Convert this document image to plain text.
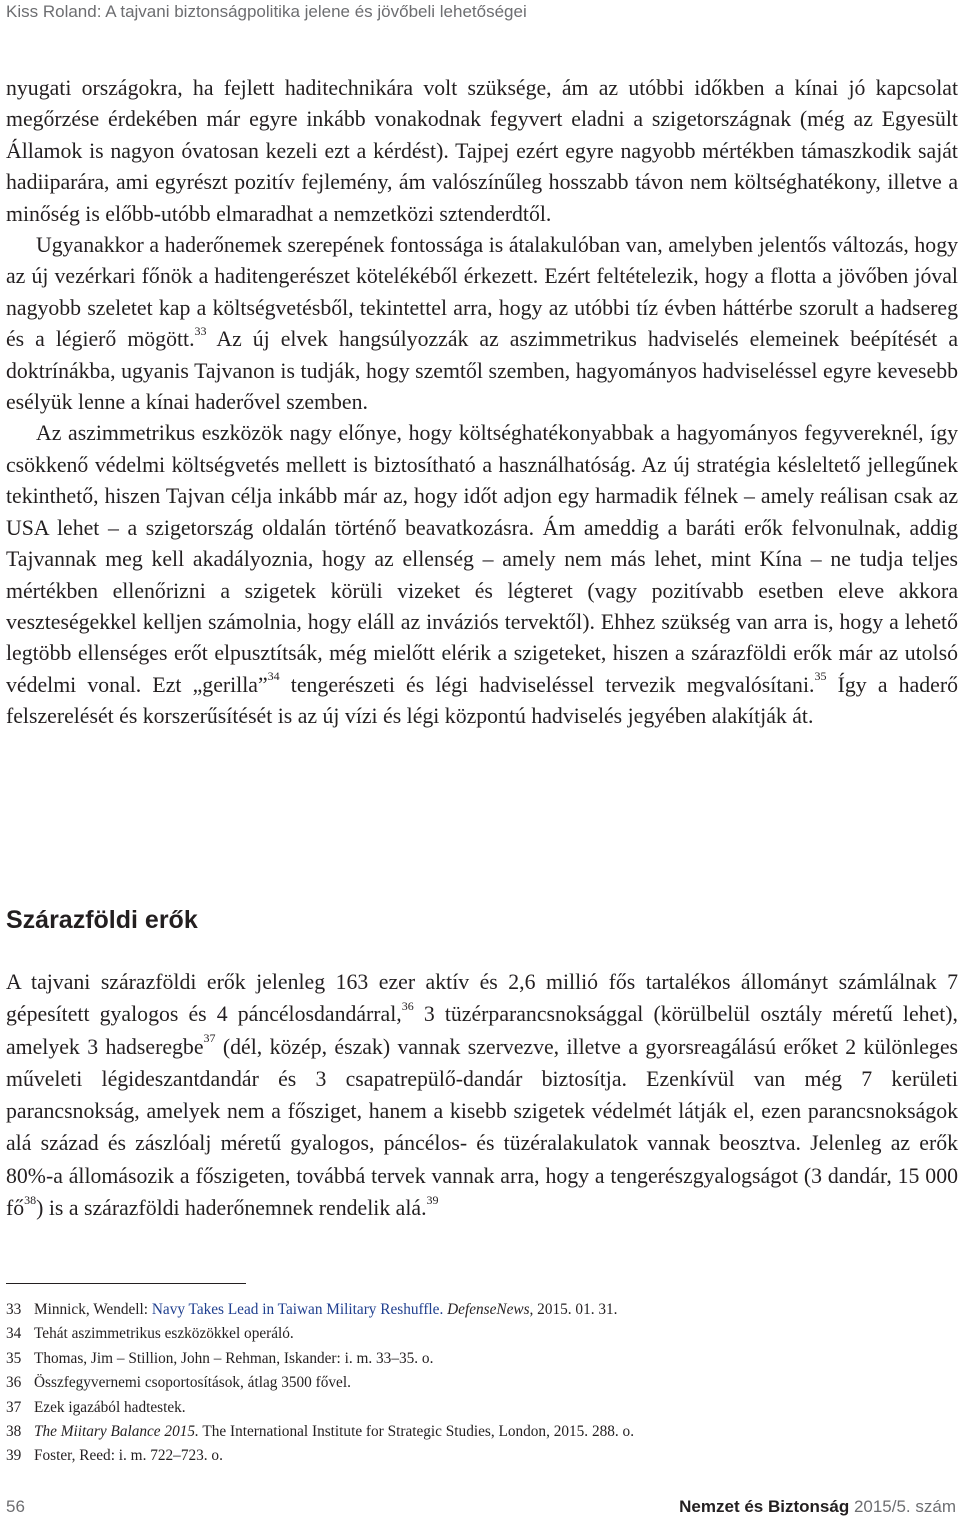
Kiss Roland: A tajvani biztonságpolitika jelene és jövőbeli lehetőségei

nyugati országokra, ha fejlett haditechnikára volt szüksége, ám az utóbbi időkben a kínai jó kapcsolat megőrzése érdekében már egyre inkább vonakodnak fegyvert eladni a szigetországnak (még az Egyesült Államok is nagyon óvatosan kezeli ezt a kérdést). Tajpej ezért egyre nagyobb mértékben támaszkodik saját hadiiparára, ami egyrészt pozitív fejlemény, ám valószínűleg hosszabb távon nem költséghatékony, illetve a minőség is előbb-utóbb elmaradhat a nemzetközi sztenderdtől.

Ugyanakkor a haderőnemek szerepének fontossága is átalakulóban van, amelyben jelentős változás, hogy az új vezérkari főnök a haditengerészet kötelékéből érkezett. Ezért feltételezik, hogy a flotta a jövőben jóval nagyobb szeletet kap a költségvetésből, tekintettel arra, hogy az utóbbi tíz évben háttérbe szorult a hadsereg és a légierő mögött.$^{33}$ Az új elvek hangsúlyozzák az aszimmetrikus hadviselés elemeinek beépítését a doktrínákba, ugyanis Tajvanon is tudják, hogy szemtől szemben, hagyományos hadviseléssel egyre kevesebb esélyük lenne a kínai haderővel szemben.

Az aszimmetrikus eszközök nagy előnye, hogy költséghatékonyabbak a hagyományos fegyvereknél, így csökkenő védelmi költségvetés mellett is biztosítható a használhatóság. Az új stratégia késleltető jellegűnek tekinthető, hiszen Tajvan célja inkább már az, hogy időt adjon egy harmadik félnek – amely reálisan csak az USA lehet – a szigetország oldalán történő beavatkozásra. Ám ameddig a baráti erők felvonulnak, addig Tajvannak meg kell akadályoznia, hogy az ellenség – amely nem más lehet, mint Kína – ne tudja teljes mértékben ellenőrizni a szigetek körüli vizeket és légteret (vagy pozitívabb esetben eleve akkora veszteségekkel kelljen számolnia, hogy eláll az inváziós tervektől). Ehhez szükség van arra is, hogy a lehető legtöbb ellenséges erőt elpusztítsák, még mielőtt elérik a szigeteket, hiszen a szárazföldi erők már az utolsó védelmi vonal. Ezt „gerilla”$^{34}$ tengerészeti és légi hadviseléssel tervezik megvalósítani.$^{35}$ Így a haderő felszerelését és korszerűsítését is az új vízi és légi központú hadviselés jegyében alakítják át.

Szárazföldi erők

A tajvani szárazföldi erők jelenleg 163 ezer aktív és 2,6 millió fős tartalékos állományt számlálnak 7 gépesített gyalogos és 4 páncélosdandárral,$^{36}$ 3 tüzérparancsnoksággal (körülbelül osztály méretű lehet), amelyek 3 hadseregbe$^{37}$ (dél, közép, észak) vannak szervezve, illetve a gyorsreagálású erőket 2 különleges műveleti légideszantdandár és 3 csapatrepülő-dandár biztosítja. Ezenkívül van még 7 kerületi parancsnokság, amelyek nem a fősziget, hanem a kisebb szigetek védelmét látják el, ezen parancsnokságok alá század és zászlóalj méretű gyalogos, páncélos- és tüzéralakulatok vannak beosztva. Jelenleg az erők 80%-a állomásozik a főszigeten, továbbá tervek vannak arra, hogy a tengerészgyalogságot (3 dandár, 15 000 $fő^{38}$) is a szárazföldi haderőnemnek rendelik alá.$^{39}$

33 Minnick, Wendell: Navy Takes Lead in Taiwan Military Reshuffle. DefenseNews, 2015. 01. 31.
34 Tehát aszimmetrikus eszközökkel operáló.
35 Thomas, Jim – Stillion, John – Rehman, Iskander: i. m. 33–35. o.
36 Összfegyvernemi csoportosítások, átlag 3500 fővel.
37 Ezek igazából hadtestek.
38 The Miitary Balance 2015. The International Institute for Strategic Studies, London, 2015. 288. o.
39 Foster, Reed: i. m. 722–723. o.
56	Nemzet és Biztonság 2015/5. szám
